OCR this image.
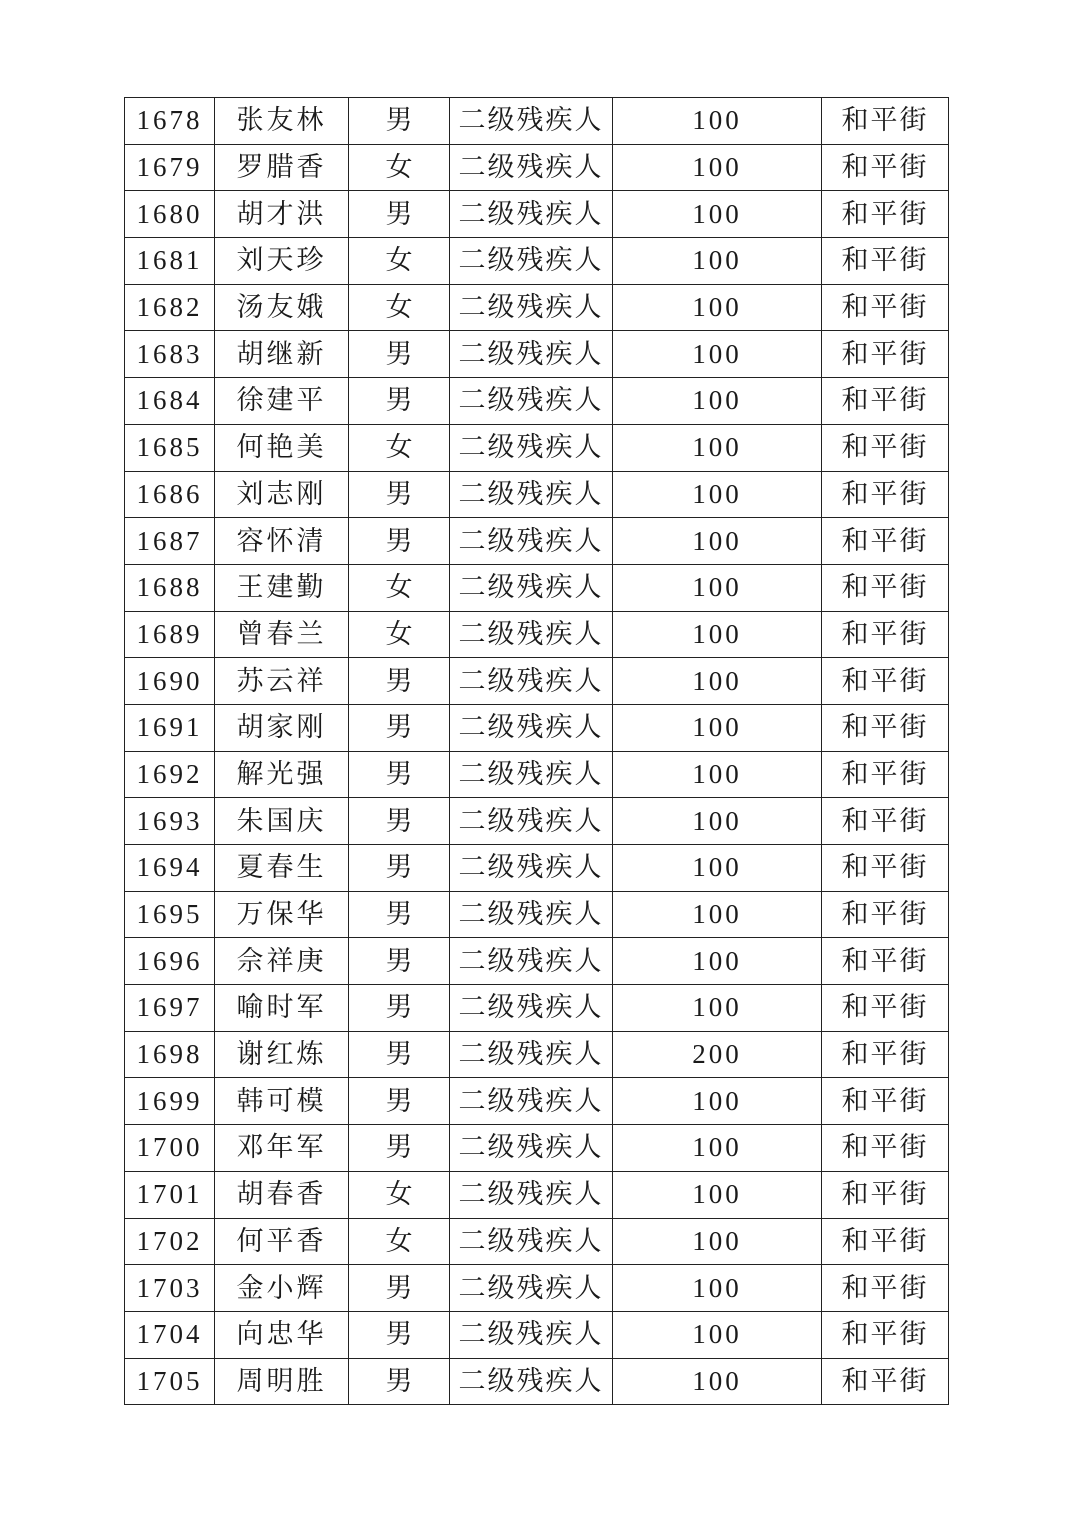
1678	张友林	男	二级残疾人	100	和平街
1679	罗腊香	女	二级残疾人	100	和平街
1680	胡才洪	男	二级残疾人	100	和平街
1681	刘天珍	女	二级残疾人	100	和平街
1682	汤友娥	女	二级残疾人	100	和平街
1683	胡继新	男	二级残疾人	100	和平街
1684	徐建平	男	二级残疾人	100	和平街
1685	何艳美	女	二级残疾人	100	和平街
1686	刘志刚	男	二级残疾人	100	和平街
1687	容怀清	男	二级残疾人	100	和平街
1688	王建勤	女	二级残疾人	100	和平街
1689	曾春兰	女	二级残疾人	100	和平街
1690	苏云祥	男	二级残疾人	100	和平街
1691	胡家刚	男	二级残疾人	100	和平街
1692	解光强	男	二级残疾人	100	和平街
1693	朱国庆	男	二级残疾人	100	和平街
1694	夏春生	男	二级残疾人	100	和平街
1695	万保华	男	二级残疾人	100	和平街
1696	佘祥庚	男	二级残疾人	100	和平街
1697	喻时军	男	二级残疾人	100	和平街
1698	谢红炼	男	二级残疾人	200	和平街
1699	韩可模	男	二级残疾人	100	和平街
1700	邓年军	男	二级残疾人	100	和平街
1701	胡春香	女	二级残疾人	100	和平街
1702	何平香	女	二级残疾人	100	和平街
1703	金小辉	男	二级残疾人	100	和平街
1704	向忠华	男	二级残疾人	100	和平街
1705	周明胜	男	二级残疾人	100	和平街
